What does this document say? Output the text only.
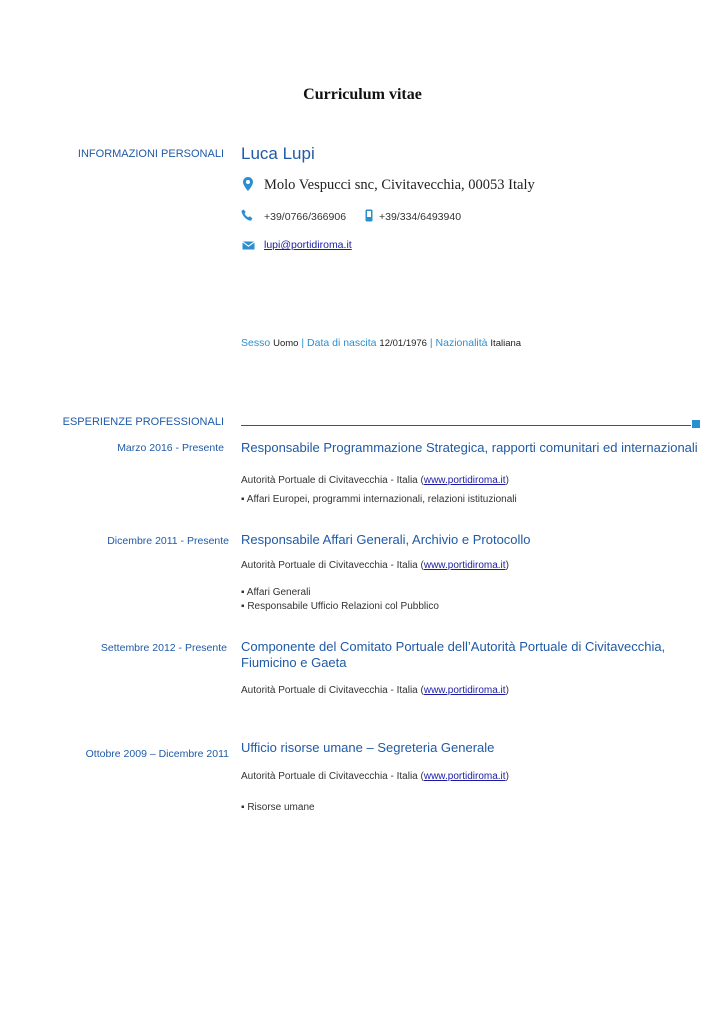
Curriculum vitae
INFORMAZIONI PERSONALI Luca Lupi
Molo Vespucci snc, Civitavecchia, 00053 Italy
+39/0766/366906	+39/334/6493940
lupi@portidiroma.it
Sesso Uomo | Data di nascita 12/01/1976 | Nazionalità Italiana
ESPERIENZE PROFESSIONALI
Marzo 2016 - Presente Responsabile Programmazione Strategica, rapporti comunitari ed internazionali
Autorità Portuale di Civitavecchia - Italia (www.portidiroma.it)
▪ Affari Europei, programmi internazionali, relazioni istituzionali
Dicembre 2011 - Presente Responsabile Affari Generali, Archivio e Protocollo
Autorità Portuale di Civitavecchia - Italia (www.portidiroma.it)
▪ Affari Generali
▪ Responsabile Ufficio Relazioni col Pubblico
Settembre 2012 - Presente Componente del Comitato Portuale dell’Autorità Portuale di Civitavecchia, Fiumicino e Gaeta
Autorità Portuale di Civitavecchia - Italia (www.portidiroma.it)
Ottobre 2009 – Dicembre 2011 Ufficio risorse umane – Segreteria Generale
Autorità Portuale di Civitavecchia - Italia (www.portidiroma.it)
▪ Risorse umane
